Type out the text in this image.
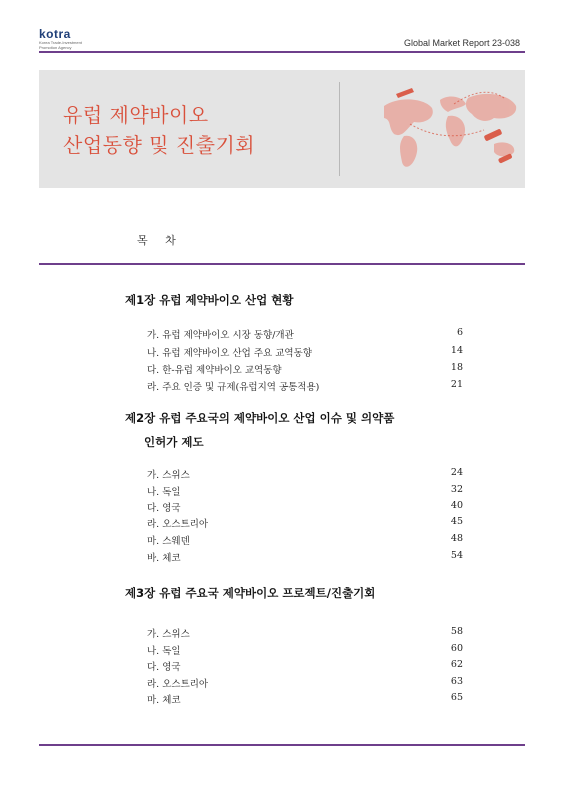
kotra
Korea Trade-Investment Promotion Agency	Global Market Report 23-038
유럽 제약바이오
산업동향 및 진출기회
목 차
제1장 유럽 제약바이오 산업 현황
가. 유럽 제약바이오 시장 동향/개관	6
나. 유럽 제약바이오 산업 주요 교역동향	14
다. 한-유럽 제약바이오 교역동향	18
라. 주요 인증 및 규제(유럽지역 공통적용)	21
제2장 유럽 주요국의 제약바이오 산업 이슈 및 의약품
인허가 제도
가. 스위스	24
나. 독일	32
다. 영국	40
라. 오스트리아	45
마. 스웨덴	48
바. 체코	54
제3장 유럽 주요국 제약바이오 프로젝트/진출기회
가. 스위스	58
나. 독일	60
다. 영국	62
라. 오스트리아	63
마. 체코	65
